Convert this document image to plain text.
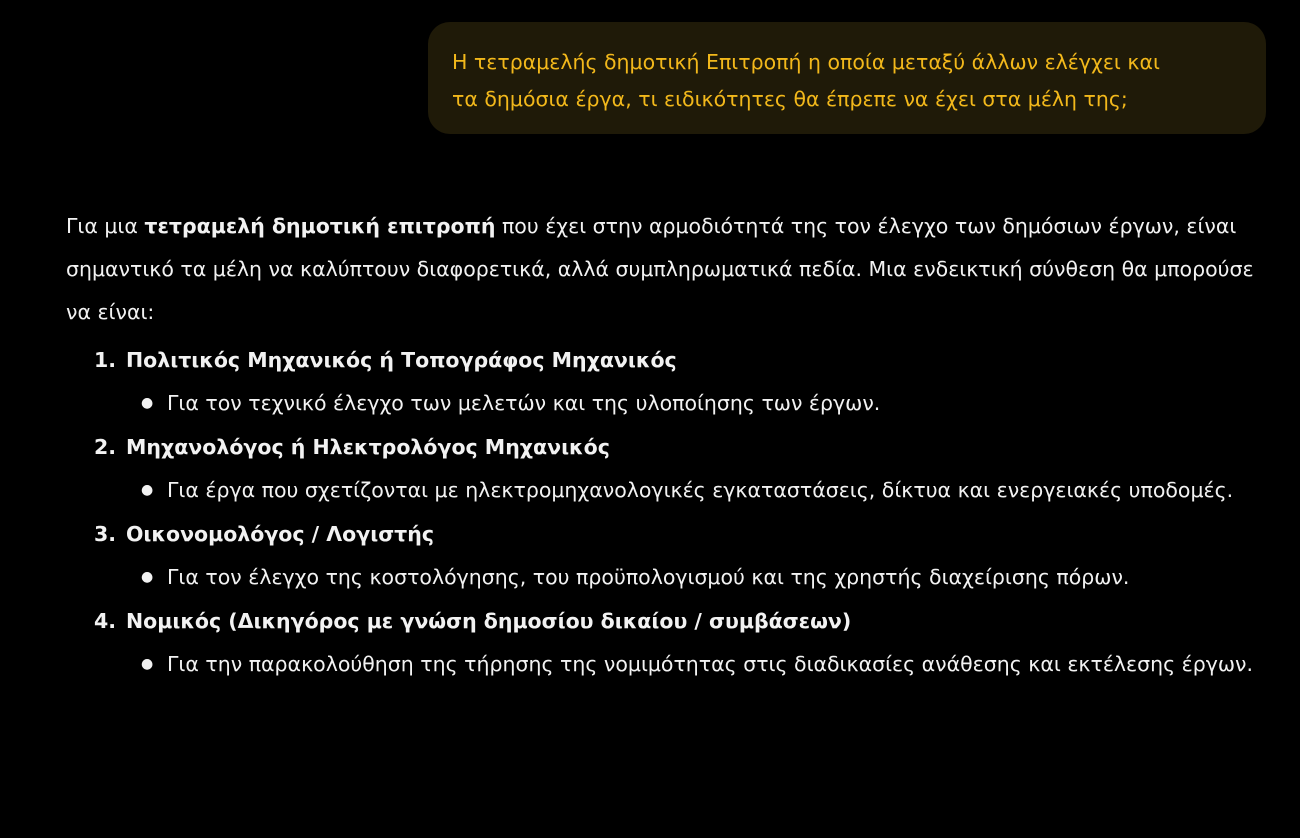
Η τετραμελής δημοτική Επιτροπή η οποία μεταξύ άλλων ελέγχει και
τα δημόσια έργα, τι ειδικότητες θα έπρεπε να έχει στα μέλη της;

Για μια τετραμελή δημοτική επιτροπή που έχει στην αρμοδιότητά της τον έλεγχο των δημόσιων έργων, είναι σημαντικό τα μέλη να καλύπτουν διαφορετικά, αλλά συμπληρωματικά πεδία. Μια ενδεικτική σύνθεση θα μπορούσε να είναι:

1. Πολιτικός Μηχανικός ή Τοπογράφος Μηχανικός
● Για τον τεχνικό έλεγχο των μελετών και της υλοποίησης των έργων.
2. Μηχανολόγος ή Ηλεκτρολόγος Μηχανικός
● Για έργα που σχετίζονται με ηλεκτρομηχανολογικές εγκαταστάσεις, δίκτυα και ενεργειακές υποδομές.
3. Οικονομολόγος / Λογιστής
● Για τον έλεγχο της κοστολόγησης, του προϋπολογισμού και της χρηστής διαχείρισης πόρων.
4. Νομικός (Δικηγόρος με γνώση δημοσίου δικαίου / συμβάσεων)
● Για την παρακολούθηση της τήρησης της νομιμότητας στις διαδικασίες ανάθεσης και εκτέλεσης έργων.
